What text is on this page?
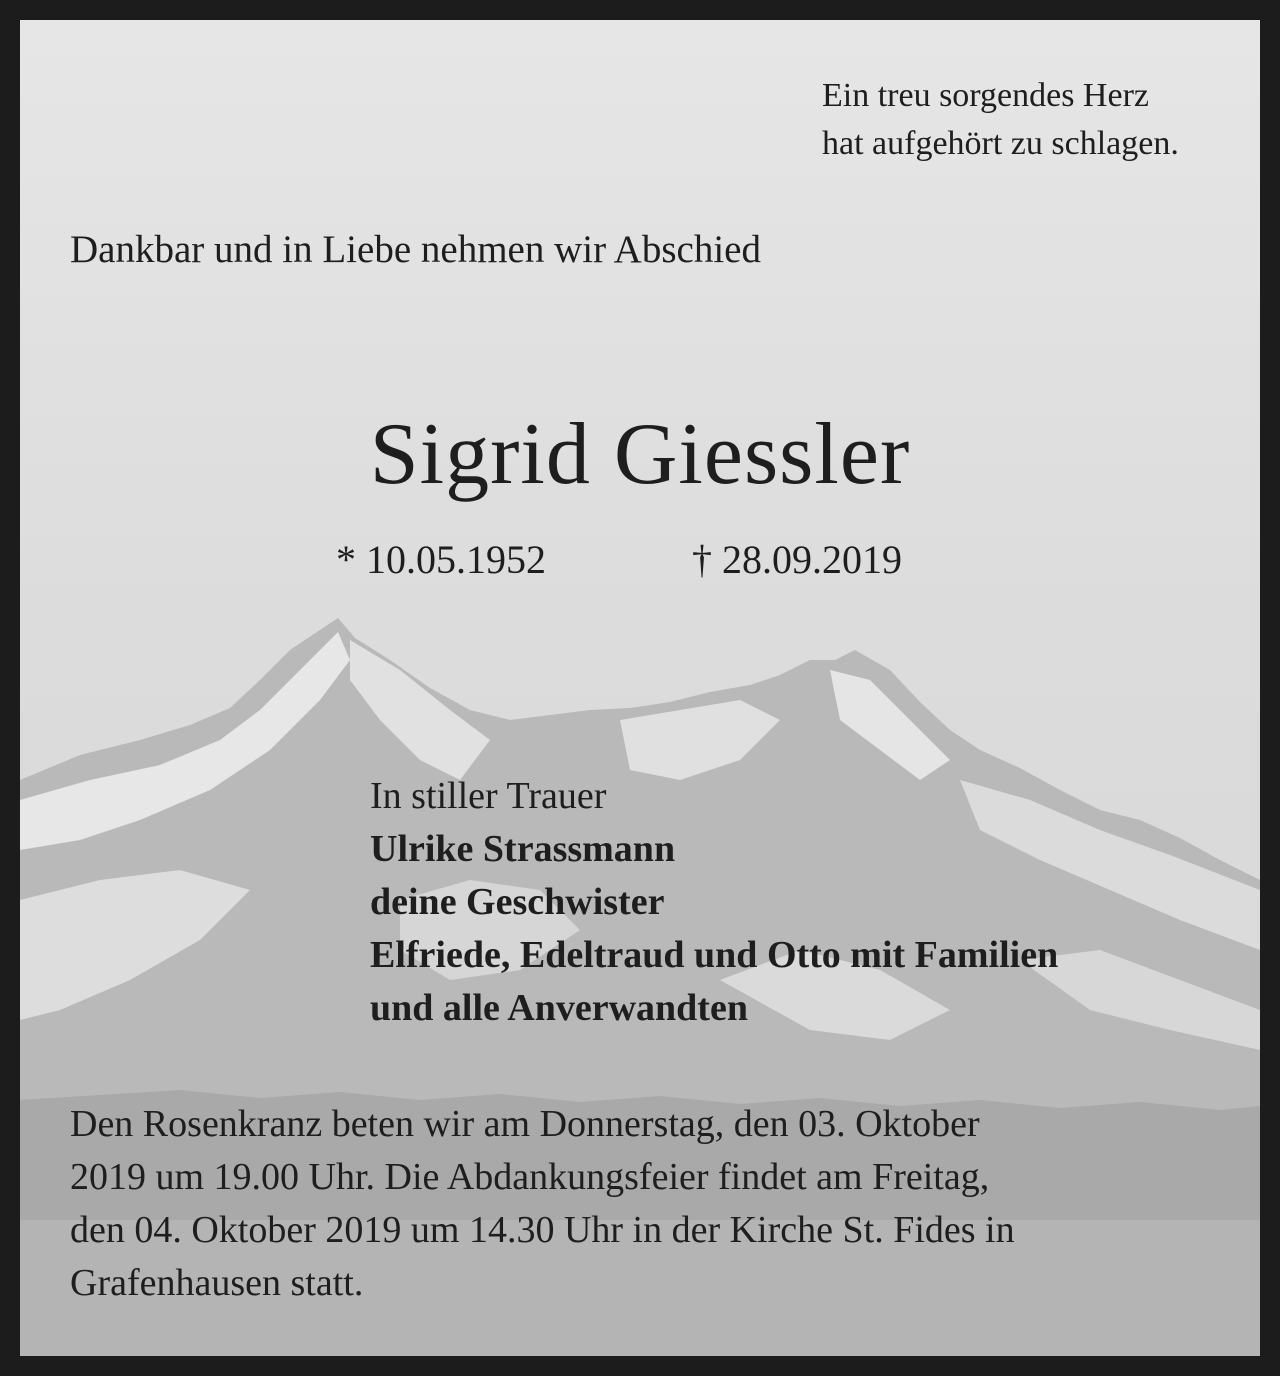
Ein treu sorgendes Herz
hat aufgehört zu schlagen.

Dankbar und in Liebe nehmen wir Abschied

Sigrid Giessler

* 10.05.1952	† 28.09.2019

In stiller Trauer
Ulrike Strassmann
deine Geschwister
Elfriede, Edeltraud und Otto mit Familien
und alle Anverwandten
Den Rosenkranz beten wir am Donnerstag, den 03. Oktober
2019 um 19.00 Uhr. Die Abdankungsfeier findet am Freitag,
den 04. Oktober 2019 um 14.30 Uhr in der Kirche St. Fides in
Grafenhausen statt.
